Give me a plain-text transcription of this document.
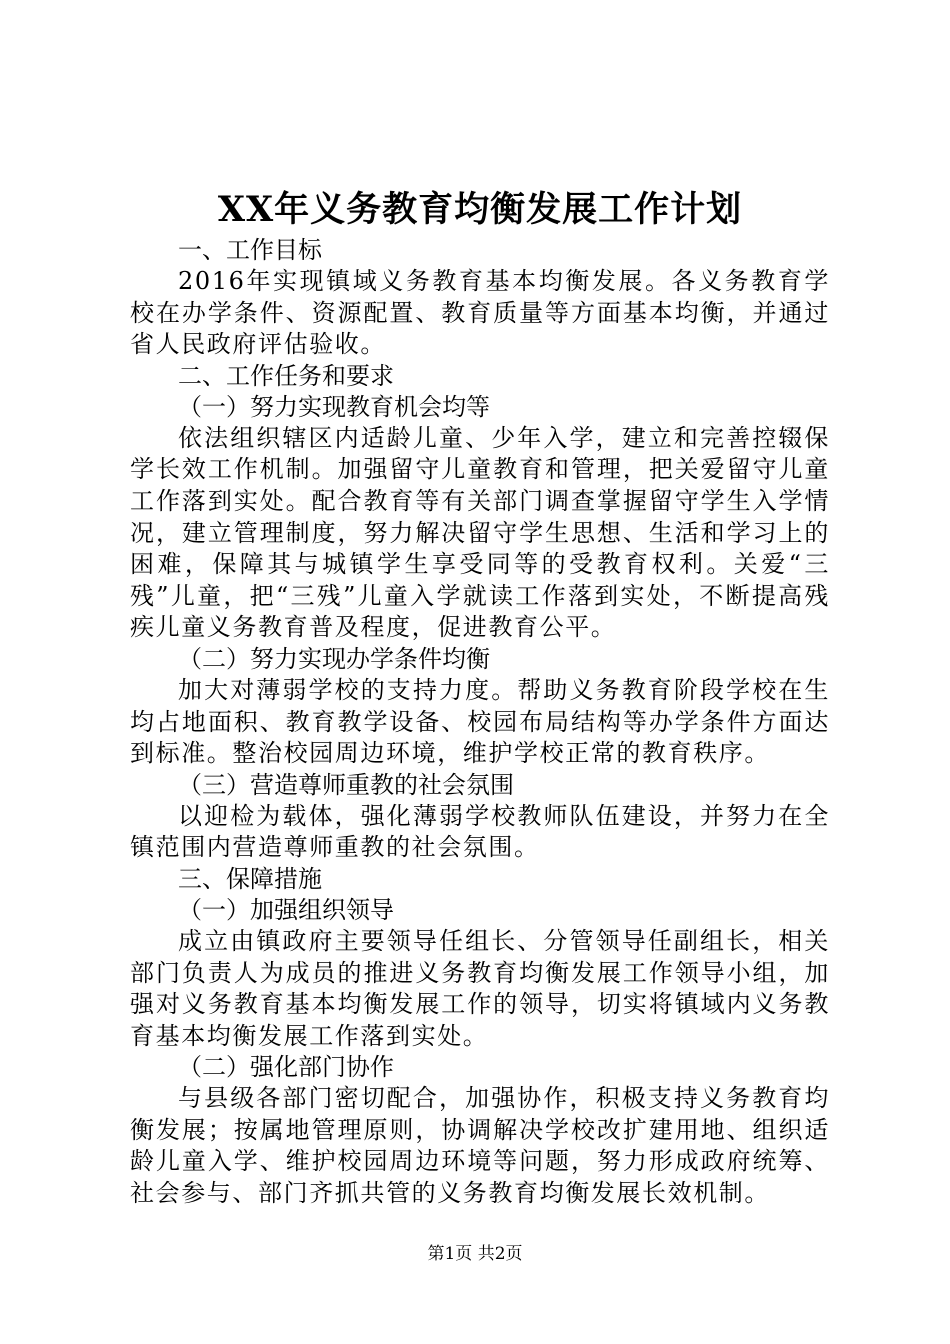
XX年义务教育均衡发展工作计划
一、工作目标

2016年实现镇域义务教育基本均衡发展。各义务教育学校在办学条件、资源配置、教育质量等方面基本均衡，并通过省人民政府评估验收。

二、工作任务和要求
（一）努力实现教育机会均等

依法组织辖区内适龄儿童、少年入学，建立和完善控辍保学长效工作机制。加强留守儿童教育和管理，把关爱留守儿童工作落到实处。配合教育等有关部门调查掌握留守学生入学情况，建立管理制度，努力解决留守学生思想、生活和学习上的困难，保障其与城镇学生享受同等的受教育权利。关爱“三残”儿童，把“三残”儿童入学就读工作落到实处，不断提高残疾儿童义务教育普及程度，促进教育公平。

（二）努力实现办学条件均衡

加大对薄弱学校的支持力度。帮助义务教育阶段学校在生均占地面积、教育教学设备、校园布局结构等办学条件方面达到标准。整治校园周边环境，维护学校正常的教育秩序。

（三）营造尊师重教的社会氛围

以迎检为载体，强化薄弱学校教师队伍建设，并努力在全镇范围内营造尊师重教的社会氛围。

三、保障措施
（一）加强组织领导

成立由镇政府主要领导任组长、分管领导任副组长，相关部门负责人为成员的推进义务教育均衡发展工作领导小组，加强对义务教育基本均衡发展工作的领导，切实将镇域内义务教育基本均衡发展工作落到实处。

（二）强化部门协作

与县级各部门密切配合，加强协作，积极支持义务教育均衡发展；按属地管理原则，协调解决学校改扩建用地、组织适龄儿童入学、维护校园周边环境等问题，努力形成政府统筹、社会参与、部门齐抓共管的义务教育均衡发展长效机制。

第1页 共2页
